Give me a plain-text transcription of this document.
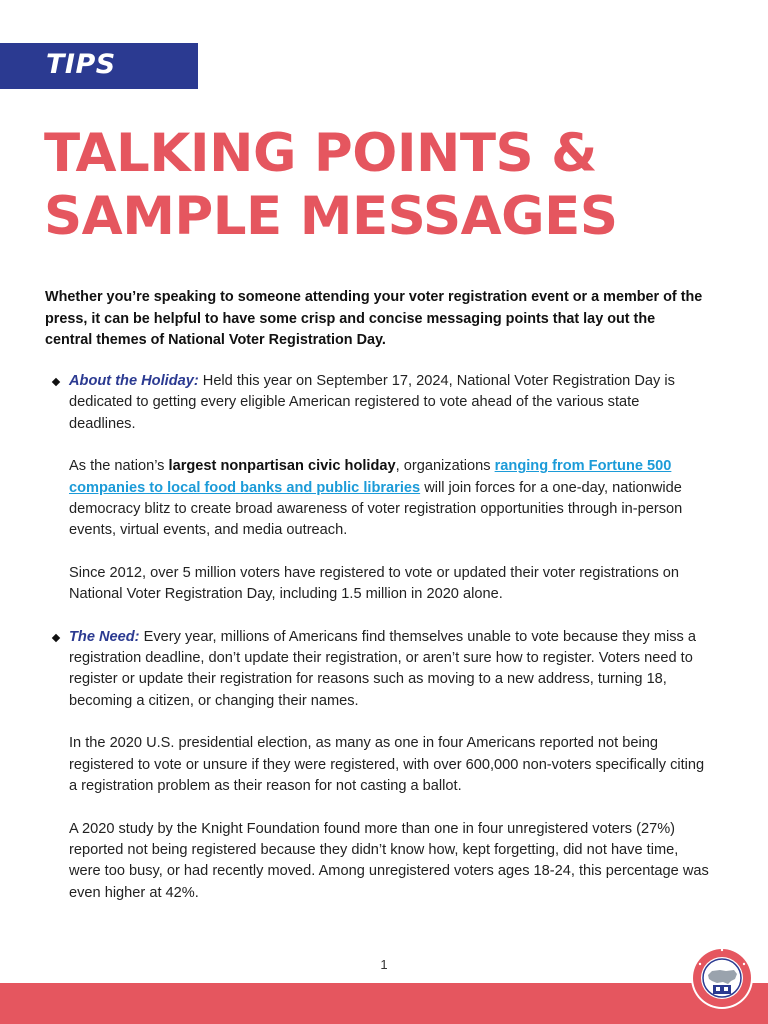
TIPS
TALKING POINTS &
SAMPLE MESSAGES

Whether you’re speaking to someone attending your voter registration event or a member of the press, it can be helpful to have some crisp and concise messaging points that lay out the central themes of National Voter Registration Day.

About the Holiday: Held this year on September 17, 2024, National Voter Registration Day is dedicated to getting every eligible American registered to vote ahead of the various state deadlines.

As the nation’s largest nonpartisan civic holiday, organizations ranging from Fortune 500 companies to local food banks and public libraries will join forces for a one-day, nationwide democracy blitz to create broad awareness of voter registration opportunities through in-person events, virtual events, and media outreach.

Since 2012, over 5 million voters have registered to vote or updated their voter registrations on National Voter Registration Day, including 1.5 million in 2020 alone.

The Need: Every year, millions of Americans find themselves unable to vote because they miss a registration deadline, don’t update their registration, or aren’t sure how to register. Voters need to register or update their registration for reasons such as moving to a new address, turning 18, becoming a citizen, or changing their names.

In the 2020 U.S. presidential election, as many as one in four Americans reported not being registered to vote or unsure if they were registered, with over 600,000 non-voters specifically citing a registration problem as their reason for not casting a ballot.

A 2020 study by the Knight Foundation found more than one in four unregistered voters (27%) reported not being registered because they didn’t know how, kept forgetting, did not have time, were too busy, or had recently moved. Among unregistered voters ages 18-24, this percentage was even higher at 42%.

1
